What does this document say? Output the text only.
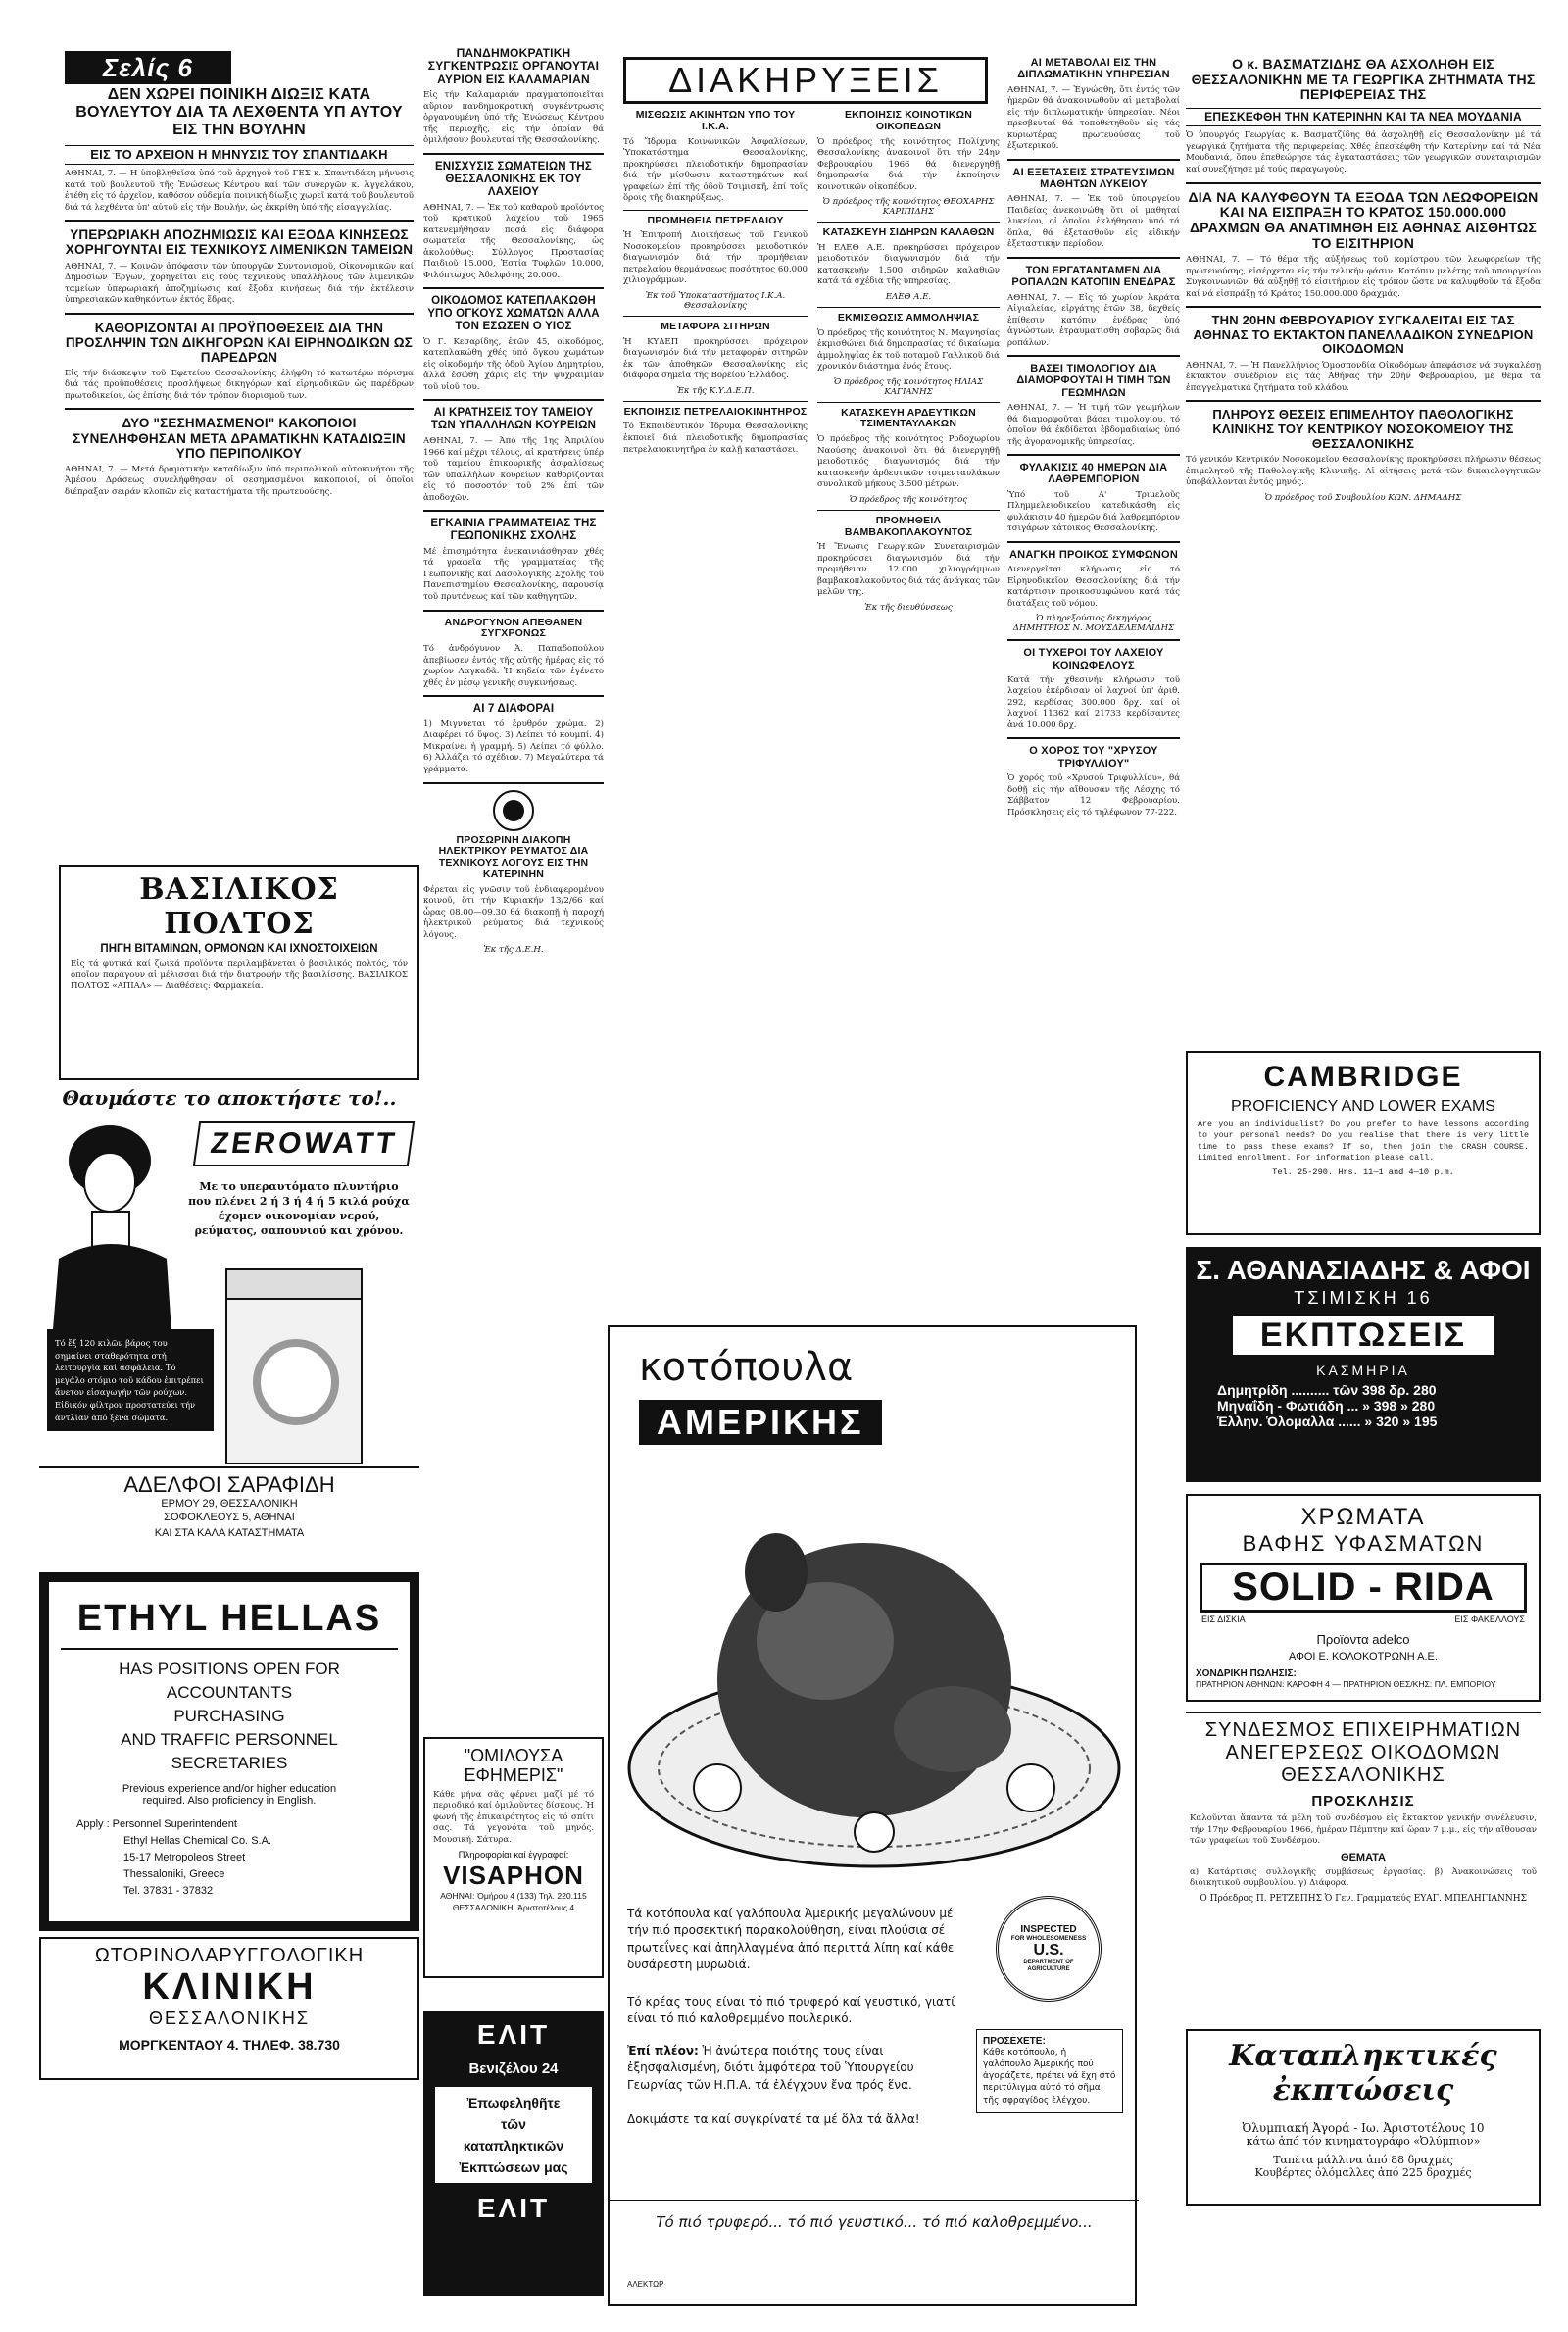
Σελίς 6
ΔΕΝ ΧΩΡΕΙ ΠΟΙΝΙΚΗ ΔΙΩΞΙΣ ΚΑΤΑ ΒΟΥΛΕΥΤΟΥ ΔΙΑ ΤΑ ΛΕΧΘΕΝΤΑ ΥΠ ΑΥΤΟΥ ΕΙΣ ΤΗΝ ΒΟΥΛΗΝ
ΕΙΣ ΤΟ ΑΡΧΕΙΟΝ Η ΜΗΝΥΣΙΣ ΤΟΥ ΣΠΑΝΤΙΔΑΚΗ
ΑΘΗΝΑΙ, 7. — Η ὑποβληθεῖσα ὑπό τοῦ ἀρχηγοῦ τοῦ ΓΕΣ κ. Σπαντιδάκη μήνυσις κατά τοῦ βουλευτοῦ τῆς Ἑνώσεως Κέντρου καί τῶν συνεργῶν κ. Ἀγγελάκου, ἐτέθη εἰς τό ἀρχεῖον, καθόσον οὐδεμία ποινική δίωξις χωρεῖ κατά τοῦ βουλευτοῦ διά τά λεχθέντα ὑπ' αὐτοῦ εἰς τήν Βουλήν, ὡς ἐκκρίθη ὑπό τῆς εἰσαγγελίας.
ΥΠΕΡΩΡΙΑΚΗ ΑΠΟΖΗΜΙΩΣΙΣ ΚΑΙ ΕΞΟΔΑ ΚΙΝΗΣΕΩΣ ΧΟΡΗΓΟΥΝΤΑΙ ΕΙΣ ΤΕΧΝΙΚΟΥΣ ΛΙΜΕΝΙΚΩΝ ΤΑΜΕΙΩΝ
ΑΘΗΝΑΙ, 7. — Κοινῶν ἀπόφασιν τῶν ὑπουργῶν Συντονισμοῦ, Οἰκονομικῶν καί Δημοσίων Ἔργων, χορηγεῖται εἰς τούς τεχνικούς ὑπαλλήλους τῶν λιμενικῶν ταμείων ὑπερωριακή ἀποζημίωσις καί ἔξοδα κινήσεως διά τήν ἐκτέλεσιν ὑπηρεσιακῶν καθηκόντων ἐκτός ἕδρας.
ΚΑΘΟΡΙΖΟΝΤΑΙ ΑΙ ΠΡΟΫΠΟΘΕΣΕΙΣ ΔΙΑ ΤΗΝ ΠΡΟΣΛΗΨΙΝ ΤΩΝ ΔΙΚΗΓΟΡΩΝ ΚΑΙ ΕΙΡΗΝΟΔΙΚΩΝ ΩΣ ΠΑΡΕΔΡΩΝ
Εἰς τήν διάσκεψιν τοῦ Ἐφετείου Θεσσαλονίκης ἐλήφθη τό κατωτέρω πόρισμα διά τάς προϋποθέσεις προσλήψεως δικηγόρων καί εἰρηνοδικῶν ὡς παρέδρων πρωτοδικείου, ὡς ἐπίσης διά τόν τρόπον διορισμοῦ των.
ΔΥΟ "ΣΕΣΗΜΑΣΜΕΝΟΙ" ΚΑΚΟΠΟΙΟΙ ΣΥΝΕΛΗΦΘΗΣΑΝ ΜΕΤΑ ΔΡΑΜΑΤΙΚΗΝ ΚΑΤΑΔΙΩΞΙΝ ΥΠΟ ΠΕΡΙΠΟΛΙΚΟΥ
ΑΘΗΝΑΙ, 7. — Μετά δραματικήν καταδίωξιν ὑπό περιπολικοῦ αὐτοκινήτου τῆς Ἀμέσου Δράσεως συνελήφθησαν οἱ σεσημασμένοι κακοποιοί, οἱ ὁποῖοι διέπραξαν σειράν κλοπῶν εἰς καταστήματα τῆς πρωτευούσης.
ΒΑΣΙΛΙΚΟΣ ΠΟΛΤΟΣ
ΠΗΓΗ ΒΙΤΑΜΙΝΩΝ, ΟΡΜΟΝΩΝ ΚΑΙ ΙΧΝΟΣΤΟΙΧΕΙΩΝ
Εἰς τά φυτικά καί ζωικά προϊόντα περιλαμβάνεται ὁ βασιλικός πολτός, τόν ὁποῖον παράγουν αἱ μέλισσαι διά τήν διατροφήν τῆς βασιλίσσης. ΒΑΣΙΛΙΚΟΣ ΠΟΛΤΟΣ «ΑΠΙΑΛ» — Διαθέσεις: Φαρμακεία.
Θαυμάστε το αποκτήστε το!..
ZEROWATT
Με το υπεραυτόματο πλυντήριο που πλένει 2 ή 3 ή 4 ή 5 κιλά ρούχα έχομεν οικονομίαν νερού, ρεύματος, σαπουνιού και χρόνου.
Τό ἔξ 120 κιλῶν βάρος του σημαίνει σταθερότητα στή λειτουργία καί ἀσφάλεια. Τό μεγάλο στόμιο τοῦ κάδου ἐπιτρέπει ἄνετον εἰσαγωγήν τῶν ρούχων. Εἰδικόν φίλτρον προστατεύει τήν ἀντλίαν ἀπό ξένα σώματα.
ΑΔΕΛΦΟΙ ΣΑΡΑΦΙΔΗ
ΕΡΜΟΥ 29, ΘΕΣΣΑΛΟΝΙΚΗ
ΣΟΦΟΚΛΕΟΥΣ 5, ΑΘΗΝΑΙ
ΚΑΙ ΣΤΑ ΚΑΛΑ ΚΑΤΑΣΤΗΜΑΤΑ
ETHYL HELLAS
HAS POSITIONS OPEN FOR
ACCOUNTANTS
PURCHASING
AND TRAFFIC PERSONNEL
SECRETARIES
Previous experience and/or higher education
required. Also proficiency in English.
Apply : Personnel Superintendent
Ethyl Hellas Chemical Co. S.A.
15-17 Metropoleos Street
Thessaloniki, Greece
Tel. 37831 - 37832
ΩΤΟΡΙΝΟΛΑΡΥΓΓΟΛΟΓΙΚΗ
ΚΛΙΝΙΚΗ
ΘΕΣΣΑΛΟΝΙΚΗΣ
ΜΟΡΓΚΕΝΤΑΟΥ 4. ΤΗΛΕΦ. 38.730
ΠΑΝΔΗΜΟΚΡΑΤΙΚΗ ΣΥΓΚΕΝΤΡΩΣΙΣ ΟΡΓΑΝΟΥΤΑΙ ΑΥΡΙΟΝ ΕΙΣ ΚΑΛΑΜΑΡΙΑΝ
Εἰς τήν Καλαμαριάν πραγματοποιεῖται αὔριον πανδημοκρατική συγκέντρωσις ὀργανουμένη ὑπό τῆς Ἑνώσεως Κέντρου τῆς περιοχῆς, εἰς τήν ὁποίαν θά ὁμιλήσουν βουλευταί τῆς Θεσσαλονίκης.
ΕΝΙΣΧΥΣΙΣ ΣΩΜΑΤΕΙΩΝ ΤΗΣ ΘΕΣΣΑΛΟΝΙΚΗΣ ΕΚ ΤΟΥ ΛΑΧΕΙΟΥ
ΑΘΗΝΑΙ, 7. — Ἐκ τοῦ καθαροῦ προϊόντος τοῦ κρατικοῦ λαχείου τοῦ 1965 κατενεμήθησαν ποσά εἰς διάφορα σωματεῖα τῆς Θεσσαλονίκης, ὡς ἀκολούθως: Σύλλογος Προστασίας Παιδιοῦ 15.000, Ἑστία Τυφλῶν 10.000, Φιλόπτωχος Ἀδελφότης 20.000.
ΟΙΚΟΔΟΜΟΣ ΚΑΤΕΠΛΑΚΩΘΗ ΥΠΟ ΟΓΚΟΥΣ ΧΩΜΑΤΩΝ ΑΛΛΑ ΤΟΝ ΕΣΩΣΕΝ Ο ΥΙΟΣ
Ὁ Γ. Κεσαρίδης, ἐτῶν 45, οἰκοδόμος, κατεπλακώθη χθές ὑπό ὄγκου χωμάτων εἰς οἰκοδομήν τῆς ὁδοῦ Ἀγίου Δημητρίου, ἀλλά ἐσώθη χάρις εἰς τήν ψυχραιμίαν τοῦ υἱοῦ του.
ΑΙ ΚΡΑΤΗΣΕΙΣ ΤΟΥ ΤΑΜΕΙΟΥ ΤΩΝ ΥΠΑΛΛΗΛΩΝ ΚΟΥΡΕΙΩΝ
ΑΘΗΝΑΙ, 7. — Ἀπό τῆς 1ης Ἀπριλίου 1966 καί μέχρι τέλους, αἱ κρατήσεις ὑπέρ τοῦ ταμείου ἐπικουρικῆς ἀσφαλίσεως τῶν ὑπαλλήλων κουρείων καθορίζονται εἰς τό ποσοστόν τοῦ 2% ἐπί τῶν ἀποδοχῶν.
ΕΓΚΑΙΝΙΑ ΓΡΑΜΜΑΤΕΙΑΣ ΤΗΣ ΓΕΩΠΟΝΙΚΗΣ ΣΧΟΛΗΣ
Μέ ἐπισημότητα ἐνεκαινιάσθησαν χθές τά γραφεῖα τῆς γραμματείας τῆς Γεωπονικῆς καί Δασολογικῆς Σχολῆς τοῦ Πανεπιστημίου Θεσσαλονίκης, παρουσίᾳ τοῦ πρυτάνεως καί τῶν καθηγητῶν.
ΑΝΔΡΟΓΥΝΟΝ ΑΠΕΘΑΝΕΝ ΣΥΓΧΡΟΝΩΣ
Τό ἀνδρόγυνον Ἀ. Παπαδοπούλου ἀπεβίωσεν ἐντός τῆς αὐτῆς ἡμέρας εἰς τό χωρίον Λαγκαδᾶ. Ἡ κηδεία τῶν ἐγένετο χθές ἐν μέσῳ γενικῆς συγκινήσεως.
ΑΙ 7 ΔΙΑΦΟΡΑΙ
1) Μιγνύεται τό ἐρυθρόν χρώμα. 2) Διαφέρει τό ὕψος. 3) Λείπει τό κουμπί. 4) Μικραίνει ἡ γραμμή. 5) Λείπει τό φύλλο. 6) Ἀλλάζει τό σχέδιον. 7) Μεγαλύτερα τά γράμματα.
ΠΡΟΣΩΡΙΝΗ ΔΙΑΚΟΠΗ ΗΛΕΚΤΡΙΚΟΥ ΡΕΥΜΑΤΟΣ ΔΙΑ ΤΕΧΝΙΚΟΥΣ ΛΟΓΟΥΣ ΕΙΣ ΤΗΝ ΚΑΤΕΡΙΝΗΝ
Φέρεται εἰς γνῶσιν τοῦ ἐνδιαφερομένου κοινοῦ, ὅτι τήν Κυριακήν 13/2/66 καί ὧρας 08.00—09.30 θά διακοπῇ ἡ παροχή ἠλεκτρικοῦ ρεύματος διά τεχνικούς λόγους.
Ἐκ τῆς Δ.Ε.Η.
"ΟΜΙΛΟΥΣΑ ΕΦΗΜΕΡΙΣ"
Κάθε μήνα σᾶς φέρνει μαζί μέ τό περιοδικό καί ὁμιλοῦντες δίσκους. Ἡ φωνή τῆς ἐπικαιρότητος εἰς τό σπίτι σας. Τά γεγονότα τοῦ μηνός. Μουσική. Σάτυρα.
Πληροφορίαι καί ἐγγραφαί:
VISAPHON
ΑΘΗΝΑΙ: Ὀμήρου 4 (133) Τηλ. 220.115 ΘΕΣΣΑΛΟΝΙΚΗ: Ἀριστοτέλους 4
ΕΛΙΤ
Βενιζέλου 24
Ἐπωφεληθῆτε
τῶν
καταπληκτικῶν
Ἐκπτώσεων μας
ΕΛΙΤ
ΔΙΑΚΗΡΥΞΕΙΣ
ΜΙΣΘΩΣΙΣ ΑΚΙΝΗΤΩΝ ΥΠΟ ΤΟΥ Ι.Κ.Α.
Τό Ἵδρυμα Κοινωνικῶν Ἀσφαλίσεων, Ὑποκατάστημα Θεσσαλονίκης, προκηρύσσει πλειοδοτικήν δημοπρασίαν διά τήν μίσθωσιν καταστημάτων καί γραφείων ἐπί τῆς ὁδοῦ Τσιμισκῆ, ἐπί τοῖς ὅροις τῆς διακηρύξεως.
ΠΡΟΜΗΘΕΙΑ ΠΕΤΡΕΛΑΙΟΥ
Ἡ Ἐπιτροπή Διοικήσεως τοῦ Γενικοῦ Νοσοκομείου προκηρύσσει μειοδοτικόν διαγωνισμόν διά τήν προμήθειαν πετρελαίου θερμάνσεως ποσότητος 60.000 χιλιογράμμων.
Ἐκ τοῦ Ὑποκαταστήματος Ι.Κ.Α. Θεσσαλονίκης
ΜΕΤΑΦΟΡΑ ΣΙΤΗΡΩΝ
Ἡ ΚΥΔΕΠ προκηρύσσει πρόχειρον διαγωνισμόν διά τήν μεταφοράν σιτηρῶν ἐκ τῶν ἀποθηκῶν Θεσσαλονίκης εἰς διάφορα σημεῖα τῆς Βορείου Ἑλλάδος.
Ἐκ τῆς Κ.Υ.Δ.Ε.Π.
ΕΚΠΟΙΗΣΙΣ ΠΕΤΡΕΛΑΙΟΚΙΝΗΤΗΡΟΣ
Τό Ἐκπαιδευτικόν Ἵδρυμα Θεσσαλονίκης ἐκποιεῖ διά πλειοδοτικῆς δημοπρασίας πετρελαιοκινητῆρα ἐν καλῇ καταστάσει.
ΕΚΠΟΙΗΣΙΣ ΚΟΙΝΟΤΙΚΩΝ ΟΙΚΟΠΕΔΩΝ
Ὁ πρόεδρος τῆς κοινότητος Πολίχνης Θεσσαλονίκης ἀνακοινοῖ ὅτι τήν 24ην Φεβρουαρίου 1966 θά διενεργηθῇ δημοπρασία διά τήν ἐκποίησιν κοινοτικῶν οἰκοπέδων.
Ὁ πρόεδρος τῆς κοινότητος ΘΕΟΧΑΡΗΣ ΚΑΡΙΠΙΔΗΣ
ΚΑΤΑΣΚΕΥΗ ΣΙΔΗΡΩΝ ΚΑΛΑΘΩΝ
Ἡ ΕΛΕΘ Α.Ε. προκηρύσσει πρόχειρον μειοδοτικόν διαγωνισμόν διά τήν κατασκευήν 1.500 σιδηρῶν καλαθιῶν κατά τά σχέδια τῆς ὑπηρεσίας.
ΕΛΕΘ Α.Ε.
ΕΚΜΙΣΘΩΣΙΣ ΑΜΜΟΛΗΨΙΑΣ
Ὁ πρόεδρος τῆς κοινότητος Ν. Μαγνησίας ἐκμισθώνει διά δημοπρασίας τό δικαίωμα ἀμμοληψίας ἐκ τοῦ ποταμοῦ Γαλλικοῦ διά χρονικόν διάστημα ἑνός ἔτους.
Ὁ πρόεδρος τῆς κοινότητος ΗΛΙΑΣ ΚΑΓΙΑΝΗΣ
ΚΑΤΑΣΚΕΥΗ ΑΡΔΕΥΤΙΚΩΝ ΤΣΙΜΕΝΤΑΥΛΑΚΩΝ
Ὁ πρόεδρος τῆς κοινότητος Ροδοχωρίου Ναούσης ἀνακοινοῖ ὅτι θά διενεργηθῇ μειοδοτικός διαγωνισμός διά τήν κατασκευήν ἀρδευτικῶν τσιμενταυλάκων συνολικοῦ μήκους 3.500 μέτρων.
Ὁ πρόεδρος τῆς κοινότητος
ΠΡΟΜΗΘΕΙΑ ΒΑΜΒΑΚΟΠΛΑΚΟΥΝΤΟΣ
Ἡ Ἕνωσις Γεωργικῶν Συνεταιρισμῶν προκηρύσσει διαγωνισμόν διά τήν προμήθειαν 12.000 χιλιογράμμων βαμβακοπλακοῦντος διά τάς ἀνάγκας τῶν μελῶν της.
Ἐκ τῆς διευθύνσεως
κοτόπουλα
ΑΜΕΡΙΚΗΣ
Τά κοτόπουλα καί γαλόπουλα Ἀμερικής μεγαλώνουν μέ τήν πιό προσεκτική παρακολούθηση, είναι πλούσια σέ πρωτεΐνες καί ἀπηλλαγμένα ἀπό περιττά λίπη καί κάθε δυσάρεστη μυρωδιά.
Τό κρέας τους είναι τό πιό τρυφερό καί γευστικό, γιατί είναι τό πιό καλοθρεμμένο πουλερικό.
Ἐπί πλέον: Ἡ ἀνώτερα ποιότης τους είναι ἐξησφαλισμένη, διότι ἀμφότερα τοῦ Ὑπουργείου Γεωργίας τῶν Η.Π.Α. τά ἐλέγχουν ἔνα πρός ἕνα.
Δοκιμάστε τα καί συγκρίνατέ τα μέ ὅλα τά ἄλλα!
INSPECTED
FOR WHOLESOMENESS
U.S.
DEPARTMENT OF AGRICULTURE
ΠΡΟΣΕΧΕΤΕ:
Κάθε κοτόπουλο, ἡ γαλόπουλο Ἀμερικής πού ἀγοράζετε, πρέπει νά ἔχη στό περιτύλιγμα αὐτό τό σῆμα τῆς σφραγίδος ἐλέγχου.
Τό πιό τρυφερό... τό πιό γευστικό... τό πιό καλοθρεμμένο...
ΑΛΕΚΤΩΡ
ΑΙ ΜΕΤΑΒΟΛΑΙ ΕΙΣ ΤΗΝ ΔΙΠΛΩΜΑΤΙΚΗΝ ΥΠΗΡΕΣΙΑΝ
ΑΘΗΝΑΙ, 7. — Ἐγνώσθη, ὅτι ἐντός τῶν ἡμερῶν θά ἀνακοινωθοῦν αἱ μεταβολαί εἰς τήν διπλωματικήν ὑπηρεσίαν. Νέοι πρεσβευταί θά τοποθετηθοῦν εἰς τάς κυριωτέρας πρωτευούσας τοῦ ἐξωτερικοῦ.
ΑΙ ΕΞΕΤΑΣΕΙΣ ΣΤΡΑΤΕΥΣΙΜΩΝ ΜΑΘΗΤΩΝ ΛΥΚΕΙΟΥ
ΑΘΗΝΑΙ, 7. — Ἐκ τοῦ ὑπουργείου Παιδείας ἀνεκοινώθη ὅτι οἱ μαθηταί λυκείου, οἱ ὁποῖοι ἐκλήθησαν ὑπό τά ὅπλα, θά ἐξετασθοῦν εἰς εἰδικήν ἐξεταστικήν περίοδον.
ΤΟΝ ΕΡΓΑΤΑΝΤΑΜΕΝ ΔΙΑ ΡΟΠΑΛΩΝ ΚΑΤΟΠΙΝ ΕΝΕΔΡΑΣ
ΑΘΗΝΑΙ, 7. — Εἰς τό χωρίον Ἀκράτα Αἰγιαλείας, εἰργάτης ἐτῶν 38, δεχθείς ἐπίθεσιν κατόπιν ἐνέδρας ὑπό ἀγνώστων, ἐτραυματίσθη σοβαρῶς διά ροπάλων.
ΒΑΣΕΙ ΤΙΜΟΛΟΓΙΟΥ ΔΙΑ ΔΙΑΜΟΡΦΟΥΤΑΙ Η ΤΙΜΗ ΤΩΝ ΓΕΩΜΗΛΩΝ
ΑΘΗΝΑΙ, 7. — Ἡ τιμή τῶν γεωμήλων θά διαμορφοῦται βάσει τιμολογίου, τό ὁποῖον θά ἐκδίδεται ἑβδομαδιαίως ὑπό τῆς ἀγορανομικῆς ὑπηρεσίας.
ΦΥΛΑΚΙΣΙΣ 40 ΗΜΕΡΩΝ ΔΙΑ ΛΑΘΡΕΜΠΟΡΙΟΝ
Ὑπό τοῦ Α' Τριμελοῦς Πλημμελειοδικείου κατεδικάσθη εἰς φυλάκισιν 40 ἡμερῶν διά λαθρεμπόριον τσιγάρων κάτοικος Θεσσαλονίκης.
ΑΝΑΓΚΗ ΠΡΟΙΚΟΣ ΣΥΜΦΩΝΟΝ
Διενεργεῖται κλήρωσις εἰς τό Εἰρηνοδικεῖον Θεσσαλονίκης διά τήν κατάρτισιν προικοσυμφώνου κατά τάς διατάξεις τοῦ νόμου.
Ὁ πληρεξούσιος δικηγόρος ΔΗΜΗΤΡΙΟΣ Ν. ΜΟΥΣΔΕΛΕΜΛΙΔΗΣ
ΟΙ ΤΥΧΕΡΟΙ ΤΟΥ ΛΑΧΕΙΟΥ ΚΟΙΝΩΦΕΛΟΥΣ
Κατά τήν χθεσινήν κλήρωσιν τοῦ λαχείου ἐκέρδισαν οἱ λαχνοί ὑπ' ἀριθ. 292, κερδίσας 300.000 δρχ. καί οἱ λαχνοί 11362 καί 21733 κερδίσαντες ἀνά 10.000 δρχ.
Ο ΧΟΡΟΣ ΤΟΥ "ΧΡΥΣΟΥ ΤΡΙΦΥΛΛΙΟΥ"
Ὁ χορός τοῦ «Χρυσοῦ Τριφυλλίου», θά δοθῇ εἰς τήν αἴθουσαν τῆς Λέσχης τό Σάββατον 12 Φεβρουαρίου. Πρόσκλησεις εἰς τό τηλέφωνον 77-222.
Ο κ. ΒΑΣΜΑΤΖΙΔΗΣ ΘΑ ΑΣΧΟΛΗΘΗ ΕΙΣ ΘΕΣΣΑΛΟΝΙΚΗΝ ΜΕ ΤΑ ΓΕΩΡΓΙΚΑ ΖΗΤΗΜΑΤΑ ΤΗΣ ΠΕΡΙΦΕΡΕΙΑΣ ΤΗΣ
ΕΠΕΣΚΕΦΘΗ ΤΗΝ ΚΑΤΕΡΙΝΗΝ ΚΑΙ ΤΑ ΝΕΑ ΜΟΥΔΑΝΙΑ
Ὁ ὑπουργός Γεωργίας κ. Βασματζίδης θά ἀσχοληθῇ εἰς Θεσσαλονίκην μέ τά γεωργικά ζητήματα τῆς περιφερείας. Χθές ἐπεσκέφθη τήν Κατερίνην καί τά Νέα Μουδανιά, ὅπου ἐπεθεώρησε τάς ἐγκαταστάσεις τῶν γεωργικῶν συνεταιρισμῶν καί συνεζήτησε μέ τούς παραγωγούς.
ΔΙΑ ΝΑ ΚΑΛΥΦΘΟΥΝ ΤΑ ΕΞΟΔΑ ΤΩΝ ΛΕΩΦΟΡΕΙΩΝ ΚΑΙ ΝΑ ΕΙΣΠΡΑΞΗ ΤΟ ΚΡΑΤΟΣ 150.000.000 ΔΡΑΧΜΩΝ ΘΑ ΑΝΑΤΙΜΗΘΗ ΕΙΣ ΑΘΗΝΑΣ ΑΙΣΘΗΤΩΣ ΤΟ ΕΙΣΙΤΗΡΙΟΝ
ΑΘΗΝΑΙ, 7. — Τό θέμα τῆς αὐξήσεως τοῦ κομίστρου τῶν λεωφορείων τῆς πρωτευούσης, εἰσέρχεται εἰς τήν τελικήν φάσιν. Κατόπιν μελέτης τοῦ ὑπουργείου Συγκοινωνιῶν, θά αὐξηθῇ τό εἰσιτήριον εἰς τρόπον ὥστε νά καλυφθοῦν τά ἔξοδα καί νά εἰσπράξῃ τό Κράτος 150.000.000 δραχμάς.
ΤΗΝ 20ΗΝ ΦΕΒΡΟΥΑΡΙΟΥ ΣΥΓΚΑΛΕΙΤΑΙ ΕΙΣ ΤΑΣ ΑΘΗΝΑΣ ΤΟ ΕΚΤΑΚΤΟΝ ΠΑΝΕΛΛΑΔΙΚΟΝ ΣΥΝΕΔΡΙΟΝ ΟΙΚΟΔΟΜΩΝ
ΑΘΗΝΑΙ, 7. — Ἡ Πανελλήνιος Ὁμοσπονδία Οἰκοδόμων ἀπεφάσισε νά συγκαλέσῃ ἔκτακτον συνέδριον εἰς τάς Ἀθήνας τήν 20ήν Φεβρουαρίου, μέ θέμα τά ἐπαγγελματικά ζητήματα τοῦ κλάδου.
ΠΛΗΡΟΥΣ ΘΕΣΕΙΣ ΕΠΙΜΕΛΗΤΟΥ ΠΑΘΟΛΟΓΙΚΗΣ ΚΛΙΝΙΚΗΣ ΤΟΥ ΚΕΝΤΡΙΚΟΥ ΝΟΣΟΚΟΜΕΙΟΥ ΤΗΣ ΘΕΣΣΑΛΟΝΙΚΗΣ
Τό γενικόν Κεντρικόν Νοσοκομεῖον Θεσσαλονίκης προκηρύσσει πλήρωσιν θέσεως ἐπιμελητοῦ τῆς Παθολογικῆς Κλινικῆς. Αἱ αἰτήσεις μετά τῶν δικαιολογητικῶν ὑποβάλλονται ἐντός μηνός.
Ὁ πρόεδρος τοῦ Συμβουλίου ΚΩΝ. ΔΗΜΑΔΗΣ
CAMBRIDGE
PROFICIENCY AND LOWER EXAMS
Are you an individualist? Do you prefer to have lessons according to your personal needs? Do you realise that there is very little time to pass these exams? If so, then join the CRASH COURSE. Limited enrollment. For information please call.
Tel. 25-290. Hrs. 11—1 and 4—10 p.m.
Σ. ΑΘΑΝΑΣΙΑΔΗΣ & ΑΦΟΙ
ΤΣΙΜΙΣΚΗ 16
ΕΚΠΤΩΣΕΙΣ
ΚΑΣΜΗΡΙΑ
Δημητρίδη .......... τῶν 398 δρ. 280
Μηναΐδη - Φωτιάδη ... » 398 » 280
Ἑλλην. Ὁλομαλλα ...... » 320 » 195
ΧΡΩΜΑΤΑ
ΒΑΦΗΣ ΥΦΑΣΜΑΤΩΝ
SOLID - RIDA
ΕΙΣ ΔΙΣΚΙΑ	ΕΙΣ ΦΑΚΕΛΛΟΥΣ
Προϊόντα adelco
ΑΦΟΙ Ε. ΚΟΛΟΚΟΤΡΩΝΗ Α.Ε.
ΧΟΝΔΡΙΚΗ ΠΩΛΗΣΙΣ:
ΠΡΑΤΗΡΙΟΝ ΑΘΗΝΩΝ: ΚΑΡΟΦΗ 4 — ΠΡΑΤΗΡΙΟΝ ΘΕΣ/ΚΗΣ: ΠΛ. ΕΜΠΟΡΙΟΥ
ΣΥΝΔΕΣΜΟΣ ΕΠΙΧΕΙΡΗΜΑΤΙΩΝ ΑΝΕΓΕΡΣΕΩΣ ΟΙΚΟΔΟΜΩΝ ΘΕΣΣΑΛΟΝΙΚΗΣ
ΠΡΟΣΚΛΗΣΙΣ
Καλοῦνται ἅπαντα τά μέλη τοῦ συνδέσμου εἰς ἔκτακτον γενικήν συνέλευσιν, τήν 17ην Φεβρουαρίου 1966, ἡμέραν Πέμπτην καί ὥραν 7 μ.μ., εἰς τήν αἴθουσαν τῶν γραφείων τοῦ Συνδέσμου.
ΘΕΜΑΤΑ
α) Κατάρτισις συλλογικῆς συμβάσεως ἐργασίας. β) Ἀνακοινώσεις τοῦ διοικητικοῦ συμβουλίου. γ) Διάφορα.
Ὁ Πρόεδρος Π. ΡΕΤΖΕΠΗΣ Ὁ Γεν. Γραμματεύς ΕΥΑΓ. ΜΠΕΛΗΓΙΑΝΝΗΣ
Καταπληκτικές ἐκπτώσεις
Ὀλυμπιακή Ἀγορά - Ιω. Ἀριστοτέλους 10
κάτω ἀπό τόν κινηματογράφο «Ὀλύμπιον»
Ταπέτα μάλλινα ἀπό 88 δραχμές
Κουβέρτες ὁλόμαλλες ἀπό 225 δραχμές
